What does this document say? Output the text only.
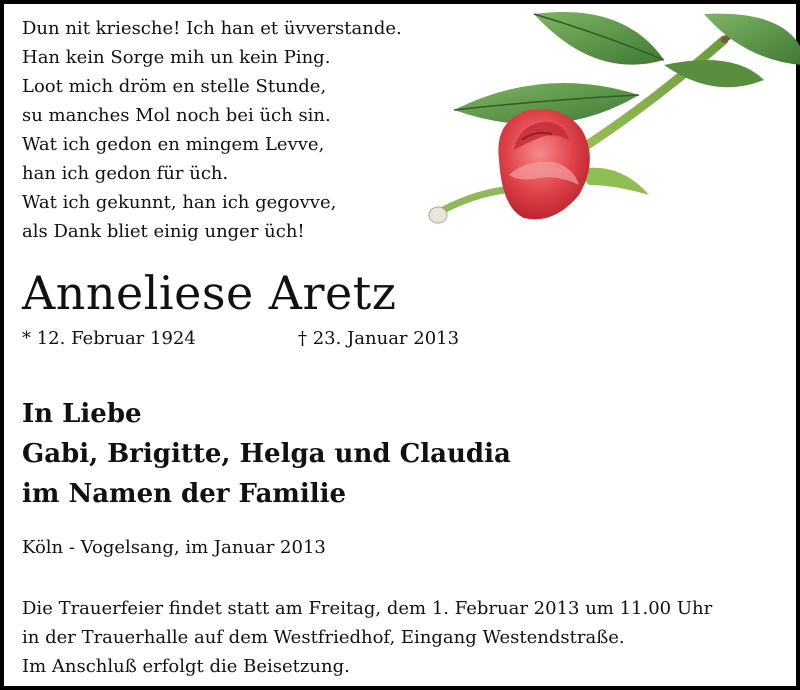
Dun nit kriesche! Ich han et üvverstande.
Han kein Sorge mih un kein Ping.
Loot mich dröm en stelle Stunde,
su manches Mol noch bei üch sin.
Wat ich gedon en mingem Levve,
han ich gedon für üch.
Wat ich gekunnt, han ich gegovve,
als Dank bliet einig unger üch!
Anneliese Aretz
* 12. Februar 1924	† 23. Januar 2013
In Liebe
Gabi, Brigitte, Helga und Claudia
im Namen der Familie
Köln - Vogelsang, im Januar 2013
Die Trauerfeier findet statt am Freitag, dem 1. Februar 2013 um 11.00 Uhr
in der Trauerhalle auf dem Westfriedhof, Eingang Westendstraße.
Im Anschluß erfolgt die Beisetzung.
